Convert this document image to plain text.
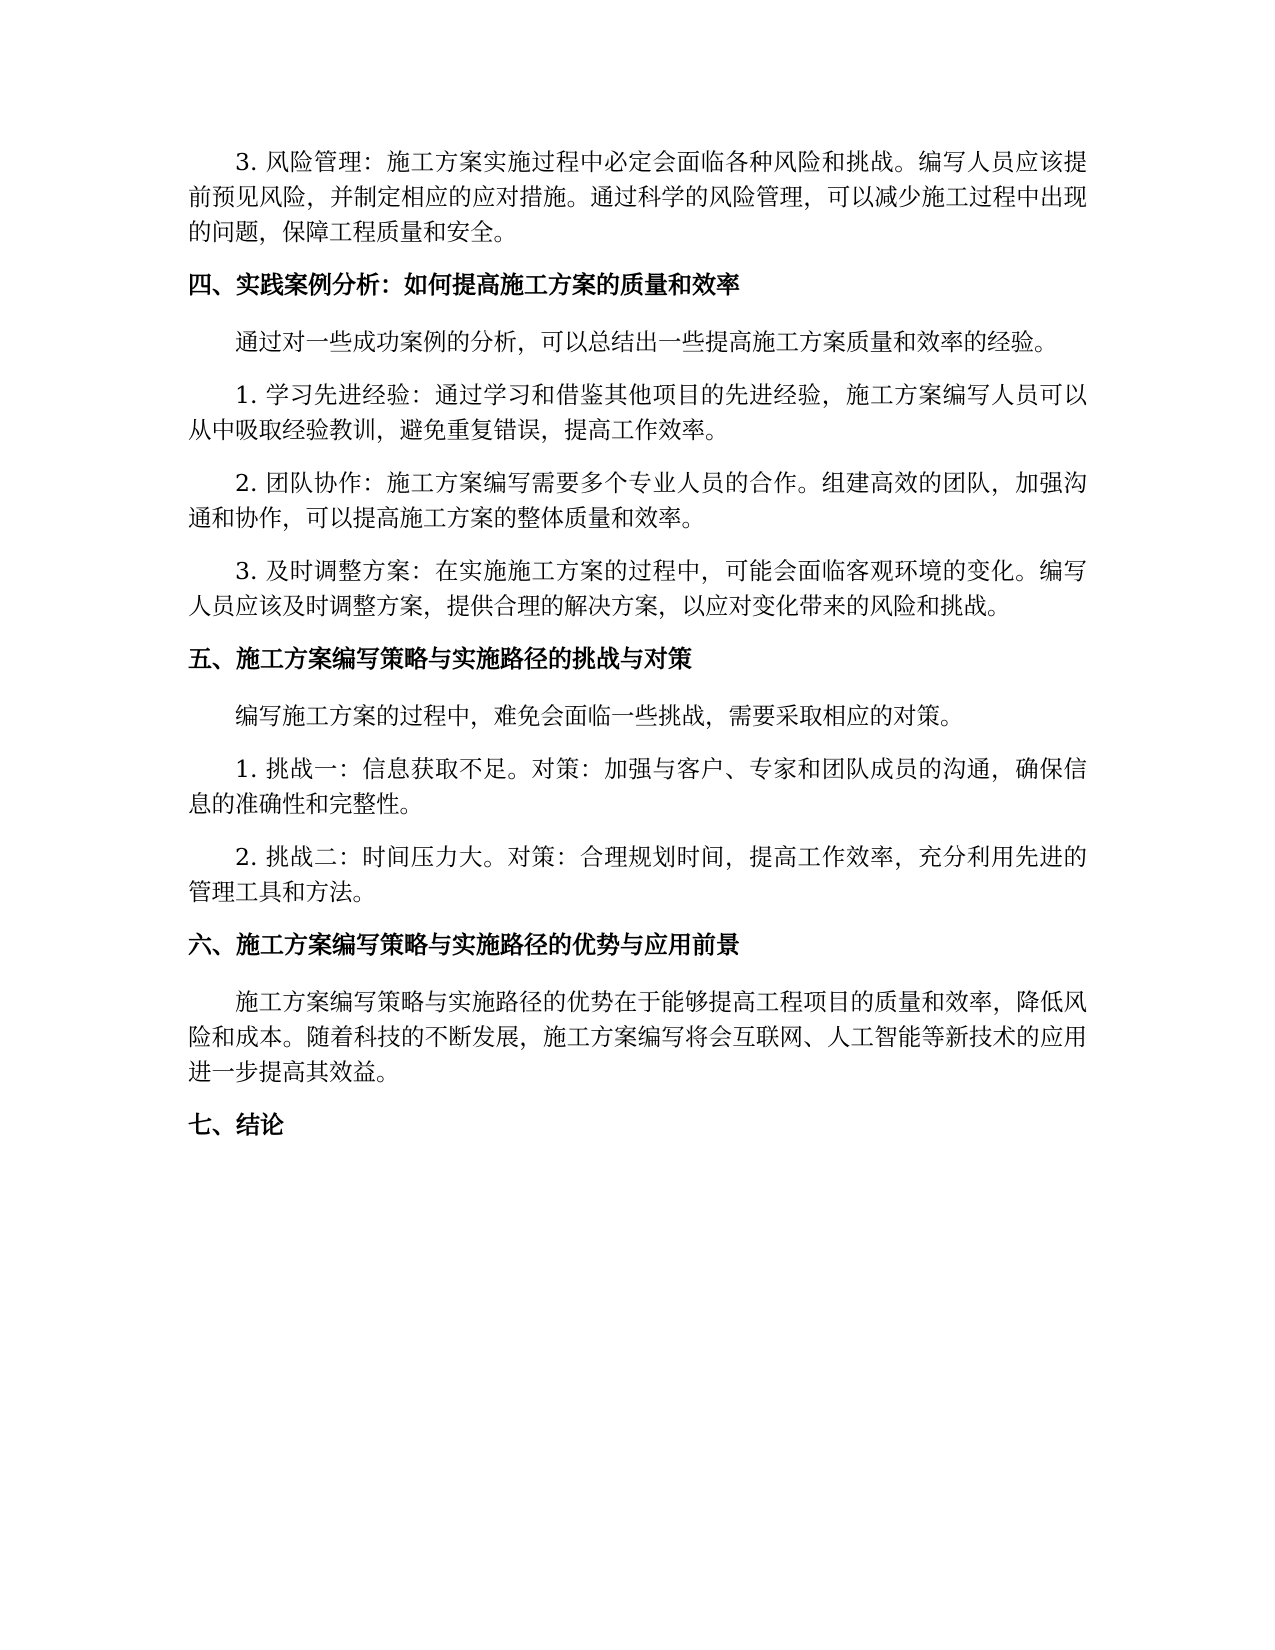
3. 风险管理：施工方案实施过程中必定会面临各种风险和挑战。编写人员应该提前预见风险，并制定相应的应对措施。通过科学的风险管理，可以减少施工过程中出现的问题，保障工程质量和安全。

四、实践案例分析：如何提高施工方案的质量和效率

通过对一些成功案例的分析，可以总结出一些提高施工方案质量和效率的经验。

1. 学习先进经验：通过学习和借鉴其他项目的先进经验，施工方案编写人员可以从中吸取经验教训，避免重复错误，提高工作效率。

2. 团队协作：施工方案编写需要多个专业人员的合作。组建高效的团队，加强沟通和协作，可以提高施工方案的整体质量和效率。

3. 及时调整方案：在实施施工方案的过程中，可能会面临客观环境的变化。编写人员应该及时调整方案，提供合理的解决方案，以应对变化带来的风险和挑战。

五、施工方案编写策略与实施路径的挑战与对策

编写施工方案的过程中，难免会面临一些挑战，需要采取相应的对策。

1. 挑战一：信息获取不足。对策：加强与客户、专家和团队成员的沟通，确保信息的准确性和完整性。

2. 挑战二：时间压力大。对策：合理规划时间，提高工作效率，充分利用先进的管理工具和方法。

六、施工方案编写策略与实施路径的优势与应用前景

施工方案编写策略与实施路径的优势在于能够提高工程项目的质量和效率，降低风险和成本。随着科技的不断发展，施工方案编写将会互联网、人工智能等新技术的应用进一步提高其效益。

七、结论
